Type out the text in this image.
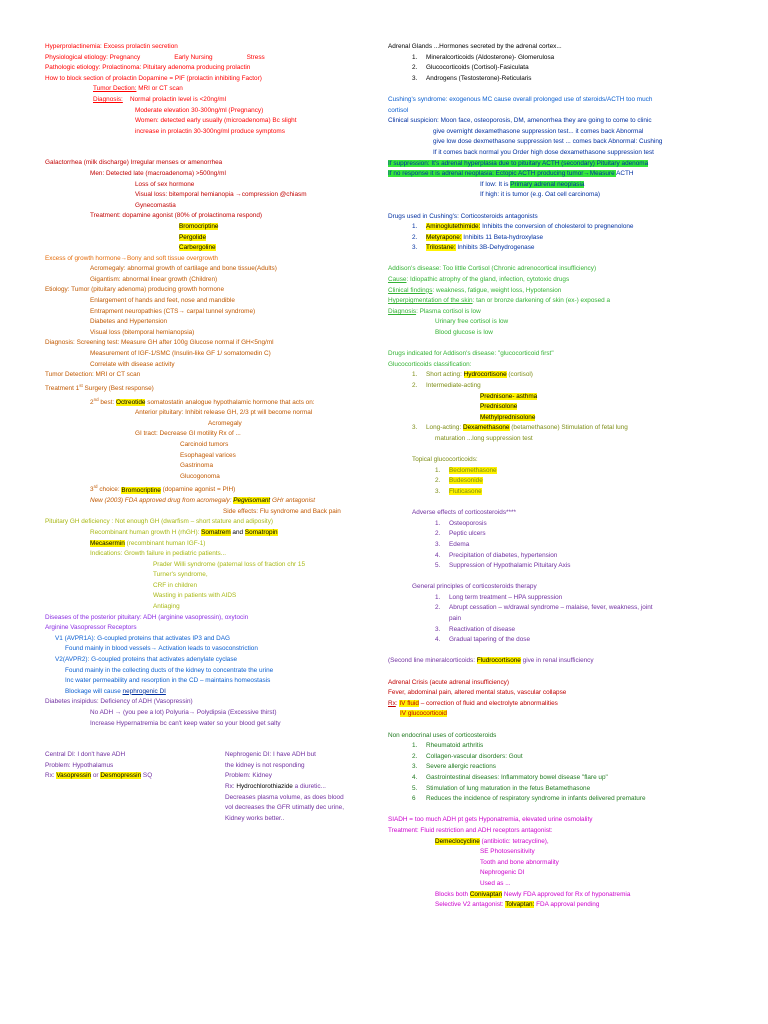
Hyperprolactinemia: Excess prolactin secretion
Physiological etiology: Pregnancy	Early Nursing	Stress
Pathologic etiology: Prolactinoma: Pituitary adenoma producing prolactin
How to block section of prolactin Dopamine = PIF (prolactin inhibiting Factor)
Tumor Dection: MRI or CT scan
Diagnosis: Normal prolactin level is <20ng/ml
Moderate elevation 30-300ng/ml (Pregnancy)
Women: detected early usually (microadenoma) Bc slight
increase in prolactin 30-300ng/ml produce symptoms
Galactorrhea (milk discharge) Irregular menses or amenorrhea
Men: Detected late (macroadenoma) >500ng/ml
Loss of sex hormone
Visual loss: bitemporal hemianopia →compression @chiasm
Gynecomastia
Treatment: dopamine agonist (80% of prolactinoma respond)
Bromocriptine
Pergolide
Carbergoline
Excess of growth hormone→Bony and soft tissue overgrowth
Acromegaly: abnormal growth of cartilage and bone tissue(Adults)
Gigantism: abnormal linear growth (Children)
Etiology: Tumor (pituitary adenoma) producing growth hormone
Enlargement of hands and feet, nose and mandible
Entrapment neuropathies (CTS→ carpal tunnel syndrome)
Diabetes and Hypertension
Visual loss (bitemporal hemianopsia)
Diagnosis: Screening test: Measure GH after 100g Glucose normal if GH<5ng/ml
Measurement of IGF-1/SMC (Insulin-like GF 1/ somatomedin C)
Correlate with disease activity
Tumor Detection: MRI or CT scan
Treatment 1st Surgery (Best response)
2nd best: Octreotide somatostatin analogue hypothalamic hormone that acts on:
Anterior pituitary: Inhibit release GH, 2/3 pt will become normal
Acromegaly
GI tract: Decrease GI motility Rx of ...
Carcinoid tumors
Esophageal varices
Gastrinoma
Glucogonoma
3rd choice: Bromocriptine (dopamine agonist = PIH)
New (2003) FDA approved drug from acromegaly: Pegvisomant GHr antagonist
Side effects: Flu syndrome and Back pain
Pituitary GH deficiency : Not enough GH (dwarfism – short stature and adiposity)
Recombinant human growth H (rhGH): Somatrem and Somatropin
Mecasermin (recombinant human IGF-1)
Indications: Growth failure in pediatric patients...
Prader Willi syndrome (paternal loss of fraction chr 15
Turner's syndrome,
CRF in children
Wasting in patients with AIDS
Antiaging
Diseases of the posterior pituitary: ADH (arginine vasopressin), oxytocin
Arginine Vasopressor Receptors
V1 (AVPR1A): G-coupled proteins that activates IP3 and DAG
Found mainly in blood vessels→ Activation leads to vasoconstriction
V2(AVPR2): G-coupled proteins that activates adenylate cyclase
Found mainly in the collecting ducts of the kidney to concentrate the urine
Inc water permeability and resorption in the CD – maintains homeostasis
Blockage will cause nephrogenic DI
Diabetes insipidus: Deficiency of ADH (Vasopressin)
No ADH → (you pee a lot) Polyuria→ Polydipsia (Excessive thirst)
Increase Hypernatremia bc can't keep water so your blood get salty
Central DI: I don't have ADH
Problem: Hypothalamus
Rx: Vasopressin or Desmopressin SQ
Nephrogenic DI: I have ADH but
the kidney is not responding
Problem: Kidney
Rx: Hydrochlorothiazide a diuretic...
Decreases plasma volume, as does blood
vol decreases the GFR utimatly dec urine,
Kidney works better..
Adrenal Glands ...Hormones secreted by the adrenal cortex...
1. Mineralcorticoids (Aldosterone)- Glomerulosa
2. Glucocorticoids (Cortisol)-Fasiculata
3. Androgens (Testosterone)-Reticularis
Cushing's syndrome: exogenous MC cause overall prolonged use of steroids/ACTH too much
cortisol
Clinical suspicion: Moon face, osteoporosis, DM, amenorrhea they are going to come to clinic
give overnight dexamethasone suppression test... it comes back Abnormal
give low dose dexmethasone suppression test ... comes back Abnormal: Cushing
If it comes back normal you Order high dose dexamethasone suppression test
If suppression: It's adrenal hyperplasia due to pituitary ACTH (secondary) Pituitary adenoma
If no response it is adrenal neoplasia: Ectopic ACTH producing tumor→Measure ACTH
If low: It is Primary adrenal neoplasia
If high: it is tumor (e.g. Oat cell carcinoma)
Drugs used in Cushing's: Corticosteroids antagonists
1. Aminoglutethimide: Inhibits the conversion of cholesterol to pregnenolone
2. Metyrapone: Inhibits 11 Beta-hydroxylase
3. Trilostane: Inhibits 3B-Dehydrogenase
Addison's disease: Too little Cortisol (Chronic adrenocortical insufficiency)
Cause: Idiopathic atrophy of the gland, infection, cytotoxic drugs
Clinical findings: weakness, fatigue, weight loss, Hypotension
Hyperpigmentation of the skin: tan or bronze darkening of skin (ex-) exposed a
Diagnosis: Plasma cortisol is low
Urinary free cortisol is low
Blood glucose is low
Drugs indicated for Addison's disease: "glucocorticoid first"
Glucocorticoids classification:
1. Short acting: Hydrocortisone (cortisol)
2. Intermediate-acting
Prednisone- asthma
Prednisolone
Methylprednisolone
3. Long-acting: Dexamethasone (betamethasone) Stimulation of fetal lung
maturation ...long suppression test
Topical glucocorticoids:
1. Beclomethasone
2. Budesonide
3. Fluticasone
Adverse effects of corticosteroids****
1. Osteoporosis
2. Peptic ulcers
3. Edema
4. Precipitation of diabetes, hypertension
5. Suppression of Hypothalamic Pituitary Axis
General principles of corticosteroids therapy
1. Long term treatment – HPA suppression
2. Abrupt cessation – w/drawal syndrome – malaise, fever, weakness, joint
pain
3. Reactivation of disease
4. Gradual tapering of the dose
(Second line mineralcorticoids: Fludrocortisone give in renal insufficiency
Adrenal Crisis (acute adrenal insufficiency)
Fever, abdominal pain, altered mental status, vascular collapse
Rx: IV fluid – correction of fluid and electrolyte abnormalities
IV glucocorticoid
Non endocrinal uses of corticosteroids
1. Rheumatoid arthritis
2. Collagen-vascular disorders: Gout
3. Severe allergic reactions
4. Gastrointestinal diseases: Inflammatory bowel disease "flare up"
5. Stimulation of lung maturation in the fetus Betamethasone
6 Reduces the incidence of respiratory syndrome in infants delivered premature
SIADH = too much ADH pt gets Hyponatremia, elevated urine osmolality
Treatment: Fluid restriction and ADH receptors antagonist:
Demeclocycline (antibiotic: tetracycline),
SE Photosensitivity
Tooth and bone abnormality
Nephrogenic DI
Used as ...
Blocks both Conivaptan Newly FDA approved for Rx of hyponatremia
Selective V2 antagonist: Tolvaptan: FDA approval pending
